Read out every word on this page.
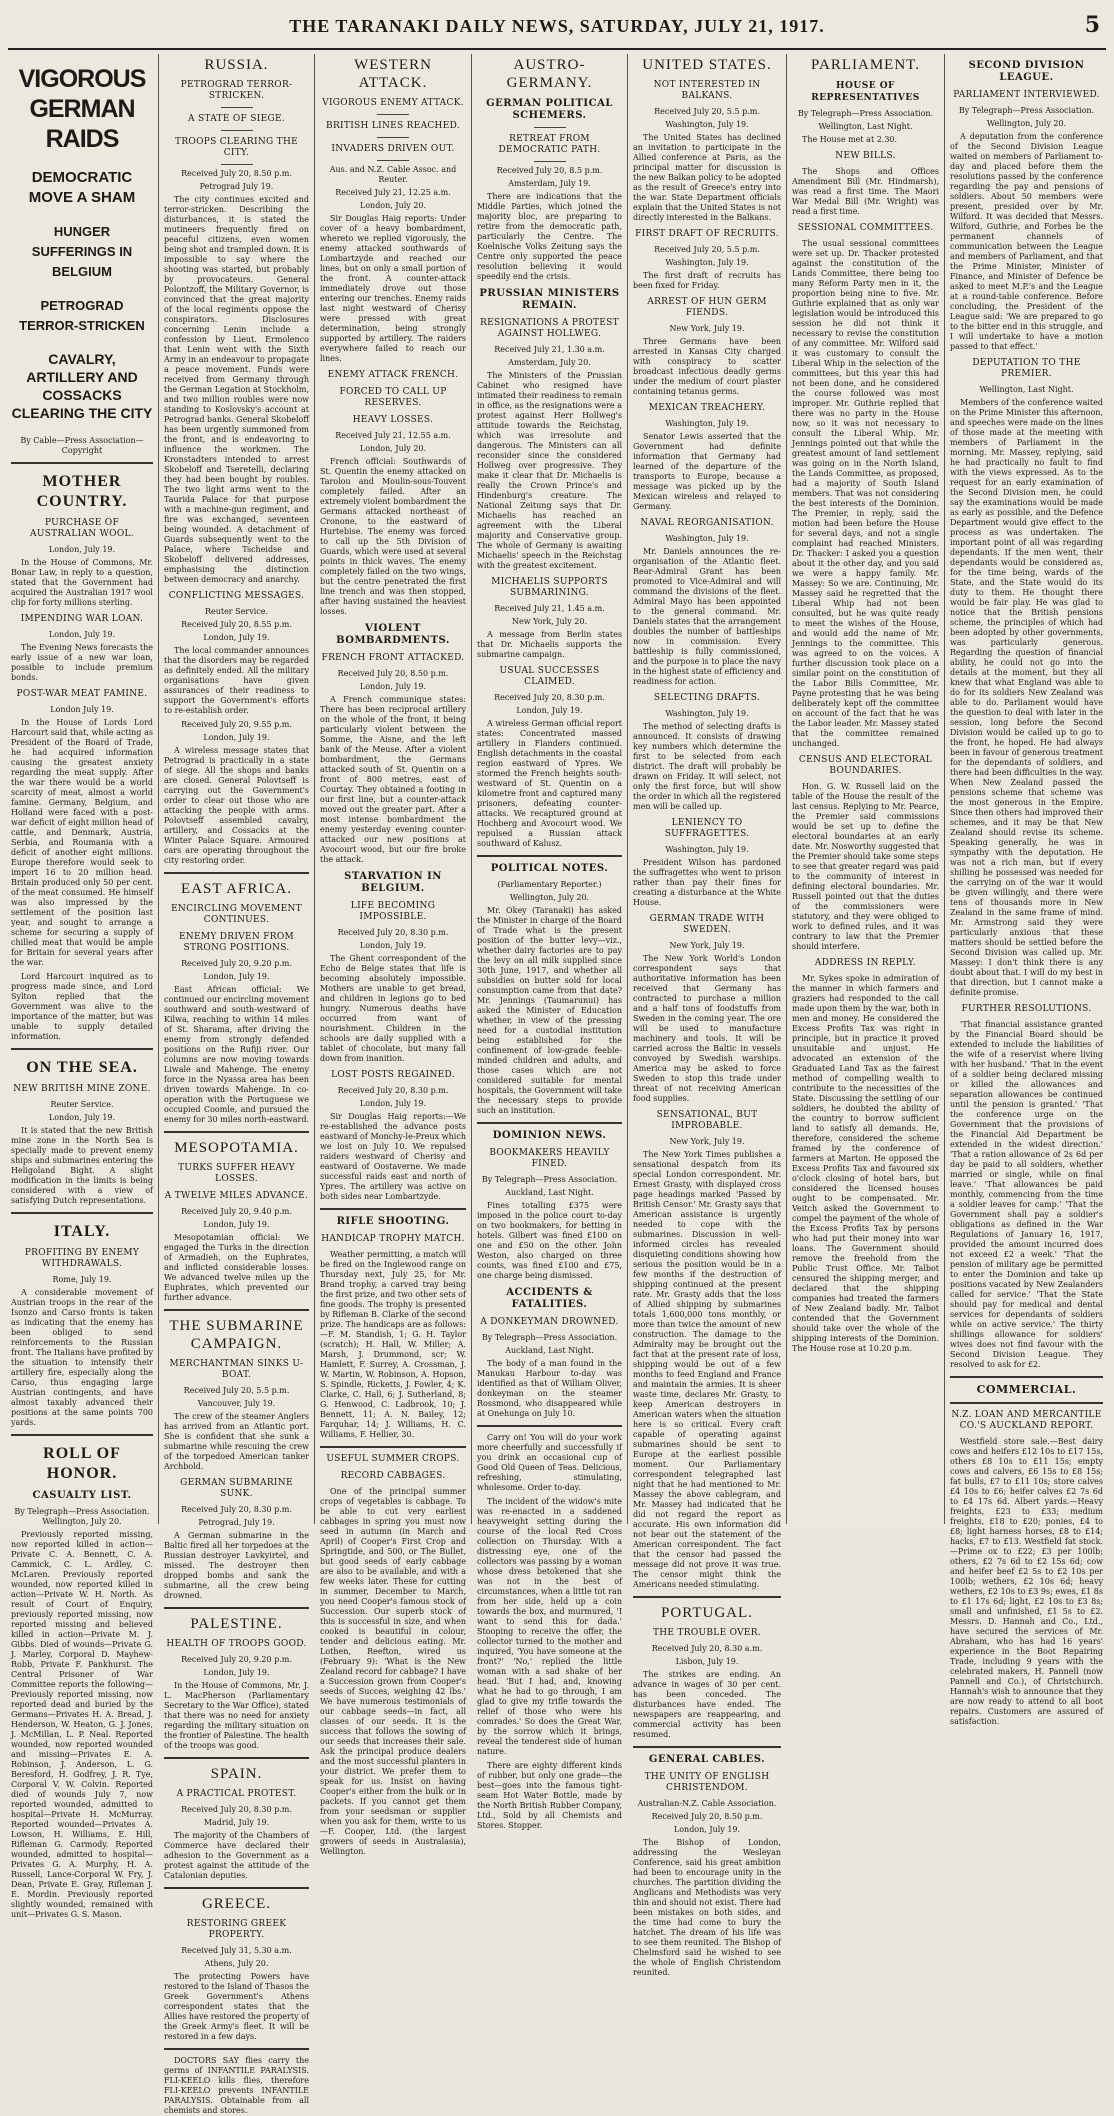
THE TARANAKI DAILY NEWS, SATURDAY, JULY 21, 1917.	5
VIGOROUS GERMAN RAIDS
DEMOCRATIC MOVE A SHAM
HUNGER SUFFERINGS IN BELGIUM
PETROGRAD TERROR-STRICKEN
CAVALRY, ARTILLERY AND COSSACKS CLEARING THE CITY
By Cable—Press Association—Copyright
MOTHER COUNTRY.
PURCHASE OF AUSTRALIAN WOOL.
London, July 19.

In the House of Commons, Mr. Bonar Law, in reply to a question, stated that the Government had acquired the Australian 1917 wool clip for forty millions sterling.

IMPENDING WAR LOAN.
London, July 19.

The Evening News forecasts the early issue of a new war loan, possible to include premium bonds.

POST-WAR MEAT FAMINE.
London July 19.

In the House of Lords Lord Harcourt said that, while acting as President of the Board of Trade, he had acquired information causing the greatest anxiety regarding the meat supply. After the war there would be a world scarcity of meat, almost a world famine. Germany, Belgium, and Holland were faced with a post-war deficit of eight million head of cattle, and Denmark, Austria, Serbia, and Roumania with a deficit of another eight millions. Europe therefore would seek to import 16 to 20 million head. Britain produced only 50 per cent. of the meat consumed. He himself was also impressed by the settlement of the position last year, and sought to arrange a scheme for securing a supply of chilled meat that would be ample for Britain for several years after the war.

Lord Harcourt inquired as to progress made since, and Lord Sylton replied that the Government was alive to the importance of the matter, but was unable to supply detailed information.

ON THE SEA.
NEW BRITISH MINE ZONE.
Reuter Service.
London, July 19.

It is stated that the new British mine zone in the North Sea is specially made to prevent enemy ships and submarines entering the Heligoland Bight. A slight modification in the limits is being considered with a view of satisfying Dutch representations.

ITALY.
PROFITING BY ENEMY WITHDRAWALS.
Rome, July 19.

A considerable movement of Austrian troops in the rear of the Isonzo and Carso fronts is taken as indicating that the enemy has been obliged to send reinforcements to the Russian front. The Italians have profited by the situation to intensify their artillery fire, especially along the Carso, thus engaging large Austrian contingents, and have almost taxably advanced their positions at the same points 700 yards.

ROLL OF HONOR.
CASUALTY LIST.
By Telegraph—Press Association. Wellington, July 20.

Previously reported missing, now reported killed in action—Private C. A. Bennett, C. A. Cammick, C. L. Ardley, C. McLaren. Previously reported wounded, now reported killed in action—Private W. H. North. As result of Court of Enquiry, previously reported missing, now reported missing and believed killed in action—Private M. J. Gibbs. Died of wounds—Private G. J. Marley, Corporal D. Mayhew-Robb, Private F. Pankhurst. The Central Prisoner of War Committee reports the following—Previously reported missing, now reported dead and buried by the Germans—Privates H. A. Bread, J. Henderson, W. Heaton, G. J. Jones, J. McMillan, L. P. Neal. Reported wounded, now reported wounded and missing—Privates E. A. Robinson, J. Anderson, L. G. Beresford, H. Godfrey, J. R. Tye, Corporal V. W. Colvin. Reported died of wounds July 7, now reported wounded, admitted to hospital—Private H. McMurray. Reported wounded—Privates A. Lowson, H. Williams, E. Hill, Rifleman G. Carmody. Reported wounded, admitted to hospital—Privates G. A. Murphy, H. A. Russell, Lance-Corporal W. Fry, J. Dean, Private E. Gray, Rifleman J. E. Mordin. Previously reported slightly wounded, remained with unit—Privates G. S. Mason.

RUSSIA.
PETROGRAD TERROR-STRICKEN.
A STATE OF SIEGE.
TROOPS CLEARING THE CITY.
Received July 20, 8.50 p.m.
Petrograd July 19.

The city continues excited and terror-stricken. Describing the disturbances, it is stated the mutineers frequently fired on peaceful citizens, even women being shot and trampled down. It is impossible to say where the shooting was started, but probably by provocateurs. General Polontzoff, the Military Governor, is convinced that the great majority of the local regiments oppose the conspirators. Disclosures concerning Lenin include a confession by Lieut. Ermolenco that Lenin went with the Sixth Army in an endeavour to propagate a peace movement. Funds were received from Germany through the German Legation at Stockholm, and two million roubles were now standing to Koslovsky's account at Petrograd banks. General Skobeloff has been urgently summoned from the front, and is endeavoring to influence the workmen. The Kronstadters intended to arrest Skobeloff and Tseretelli, declaring they had been bought by roubles. The two light arms went to the Taurida Palace for that purpose with a machine-gun regiment, and fire was exchanged, seventeen being wounded. A detachment of Guards subsequently went to the Palace, where Tscheidse and Skobeloff delivered addresses, emphasising the distinction between democracy and anarchy.

CONFLICTING MESSAGES.
Reuter Service.
Received July 20, 8.55 p.m.
London, July 19.

The local commander announces that the disorders may be regarded as definitely ended. All the military organisations have given assurances of their readiness to support the Government's efforts to re-establish order.

Received July 20, 9.55 p.m.
London, July 19.

A wireless message states that Petrograd is practically in a state of siege. All the shops and banks are closed. General Polovtseff is carrying out the Government's order to clear out those who are attacking the people with arms. Polovtseff assembled cavalry, artillery, and Cossacks at the Winter Palace Square. Armoured cars are operating throughout the city restoring order.

EAST AFRICA.
ENCIRCLING MOVEMENT CONTINUES.
ENEMY DRIVEN FROM STRONG POSITIONS.
Received July 20, 9.20 p.m.
London, July 19.

East African official: We continued our encircling movement southward and south-westward of Kilwa, reaching to within 14 miles of St. Sharama, after driving the enemy from strongly defended positions on the Rufiji river. Our columns are now moving towards Liwale and Mahenge. The enemy force in the Nyassa area has been driven towards Mahenge. In co-operation with the Portuguese we occupied Coomle, and pursued the enemy for 30 miles north-eastward.

MESOPOTAMIA.
TURKS SUFFER HEAVY LOSSES.
A TWELVE MILES ADVANCE.
Received July 20, 9.40 p.m.
London, July 19.

Mesopotamian official: We engaged the Turks in the direction of Armadieh, on the Euphrates, and inflicted considerable losses. We advanced twelve miles up the Euphrates, which prevented our further advance.

THE SUBMARINE CAMPAIGN.
MERCHANTMAN SINKS U-BOAT.
Received July 20, 5.5 p.m.
Vancouver, July 19.

The crew of the steamer Anglers has arrived from an Atlantic port. She is confident that she sunk a submarine while rescuing the crew of the torpedoed American tanker Archbold.

GERMAN SUBMARINE SUNK.
Received July 20, 8.30 p.m.
Petrograd, July 19.

A German submarine in the Baltic fired all her torpedoes at the Russian destroyer Lavkyirtel, and missed. The destroyer then dropped bombs and sank the submarine, all the crew being drowned.

PALESTINE.
HEALTH OF TROOPS GOOD.
Received July 20, 9.20 p.m.
London, July 19.

In the House of Commons, Mr. J. L. MacPherson (Parliamentary Secretary to the War Office), stated that there was no need for anxiety regarding the military situation on the frontier of Palestine. The health of the troops was good.

SPAIN.
A PRACTICAL PROTEST.
Received July 20, 8.30 p.m.
Madrid, July 19.

The majority of the Chambers of Commerce have declared their adhesion to the Government as a protest against the attitude of the Catalonian deputies.

GREECE.
RESTORING GREEK PROPERTY.
Received July 31, 5.30 a.m.
Athens, July 20.

The protecting Powers have restored to the Island of Thasos the Greek Government's Athens correspondent states that the Allies have restored the property of the Greek Army's fleet. It will be restored in a few days.

DOCTORS SAY flies carry the germs of INFANTILE PARALYSIS. FLI-KEELO kills flies, therefore FLI-KEELO prevents INFANTILE PARALYSIS. Obtainable from all chemists and stores.

WESTERN ATTACK.
VIGOROUS ENEMY ATTACK.
BRITISH LINES REACHED.
INVADERS DRIVEN OUT.
Aus. and N.Z. Cable Assoc. and Reuter.
Received July 21, 12.25 a.m.
London, July 20.

Sir Douglas Haig reports: Under cover of a heavy bombardment, whereto we replied vigorously, the enemy attacked southwards of Lombartzyde and reached our lines, but on only a small portion of the front. A counter-attack immediately drove out those entering our trenches. Enemy raids last night westward of Cherisy were pressed with great determination, being strongly supported by artillery. The raiders everywhere failed to reach our lines.

ENEMY ATTACK FRENCH.
FORCED TO CALL UP RESERVES.
HEAVY LOSSES.
Received July 21, 12.55 a.m.
London, July 20.

French official: Southwards of St. Quentin the enemy attacked on Tarolou and Moulin-sous-Touvent completely failed. After an extremely violent bombardment the Germans attacked northeast of Cronone, to the eastward of Hurtebise. The enemy was forced to call up the 5th Division of Guards, which were used at several points in thick waves. The enemy completely failed on the two wings, but the centre penetrated the first line trench and was then stopped, after having sustained the heaviest losses.

VIOLENT BOMBARDMENTS.
FRENCH FRONT ATTACKED.
Received July 20, 8.50 p.m.
London, July 19.

A French communique states: There has been reciprocal artillery on the whole of the front, it being particularly violent between the Somme, the Aisne, and the left bank of the Meuse. After a violent bombardment, the Germans attacked south of St. Quentin on a front of 800 metres, east of Courtay. They obtained a footing in our first line, but a counter-attack moved out the greater part. After a most intense bombardment the enemy yesterday evening counter-attacked our new positions at Avocourt wood, but our fire broke the attack.

STARVATION IN BELGIUM.
LIFE BECOMING IMPOSSIBLE.
Received July 20, 8.30 p.m.
London, July 19.

The Ghent correspondent of the Echo de Belge states that life is becoming absolutely impossible. Mothers are unable to get bread, and children in legions go to bed hungry. Numerous deaths have occurred from want of nourishment. Children in the schools are daily supplied with a tablet of chocolate, but many fall down from inanition.

LOST POSTS REGAINED.
Received July 20, 8.30 p.m.
London, July 19.

Sir Douglas Haig reports:—We re-established the advance posts eastward of Monchy-le-Preux which we lost on July 10. We repulsed raiders westward of Cherisy and eastward of Oostaverne. We made successful raids east and north of Ypres. The artillery was active on both sides near Lombartzyde.

RIFLE SHOOTING.
HANDICAP TROPHY MATCH.

Weather permitting, a match will be fired on the Inglewood range on Thursday next, July 25, for Mr. Brand trophy, a carved tray being the first prize, and two other sets of fine goods. The trophy is presented by Rifleman B. Clarke of the second prize. The handicaps are as follows:—F. M. Standish, 1; G. H. Taylor (scratch); H. Hall, W. Miller; A. Marsh, J. Drummond, scr; W. Hamlett, F. Surrey, A. Crossman, J. W. Martin, W. Robinson, A. Hopson, S. Spindle, Ricketts, J. Fowler, 4; K. Clarke, C. Hall, 6; J. Sutherland, 8; G. Henwood, C. Ladbrook, 10; J. Bennett, 11; A. N. Bailey, 12; Farquhar, 14; J. Williams, H. C. Williams, F. Hellier, 30.

USEFUL SUMMER CROPS.
RECORD CABBAGES.

One of the principal summer crops of vegetables is cabbage. To be able to cut very earliest cabbages in spring you must now seed in autumn (in March and April) of Cooper's First Crop and Springtide, and 500, or The Bullet, but good seeds of early cabbage are also to be available, and with a few weeks later. These for cutting in summer, December to March, you need Cooper's famous stock of Succession. Our superb stock of this is successful in size, and when cooked is beautiful in colour, tender and delicious eating. Mr. Lothen, Reefton, wired us (February 9): 'What is the New Zealand record for cabbage? I have a Succession grown from Cooper's seeds of Succes, weighing 42 lbs.' We have numerous testimonials of our cabbage seeds—in fact, all classes of our seeds. It is the success that follows the sowing of our seeds that increases their sale. Ask the principal produce dealers and the most successful planters in your district. We prefer them to speak for us. Insist on having Cooper's either from the bulk or in packets. If you cannot get them from your seedsman or supplier when you ask for them, write to us—F. Cooper, Ltd. (the largest growers of seeds in Australasia), Wellington.

AUSTRO-GERMANY.
GERMAN POLITICAL SCHEMERS.
RETREAT FROM DEMOCRATIC PATH.
Received July 20, 8.5 p.m.
Amsterdam, July 19.

There are indications that the Middle Parties, which joined the majority bloc, are preparing to retire from the democratic path, particularly the Centre. The Koelnische Volks Zeitung says the Centre only supported the peace resolution believing it would speedily end the crisis.

PRUSSIAN MINISTERS REMAIN.
RESIGNATIONS A PROTEST AGAINST HOLLWEG.
Received July 21, 1.30 a.m.
Amsterdam, July 20.

The Ministers of the Prussian Cabinet who resigned have intimated their readiness to remain in office, as the resignations were a protest against Herr Hollweg's attitude towards the Reichstag, which was irresolute and dangerous. The Ministers can all reconsider since the considered Hollweg over progressive. They make it clear that Dr. Michaelis is really the Crown Prince's and Hindenburg's creature. The National Zeitung says that Dr. Michaelis has reached an agreement with the Liberal majority and Conservative group. The whole of Germany is awaiting Michaelis' speech in the Reichstag with the greatest excitement.

MICHAELIS SUPPORTS SUBMARINING.
Received July 21, 1.45 a.m.
New York, July 20.

A message from Berlin states that Dr. Michaelis supports the submarine campaign.

USUAL SUCCESSES CLAIMED.
Received July 20, 8.30 p.m.
London, July 19.

A wireless German official report states: Concentrated massed artillery in Flanders continued. English detachments in the coastal region eastward of Ypres. We stormed the French heights south-westward of St. Quentin on a kilometre front and captured many prisoners, defeating counter-attacks. We recaptured ground at Hochberg and Avocourt wood. We repulsed a Russian attack southward of Kalusz.

POLITICAL NOTES.
(Parliamentary Reporter.)
Wellington, July 20.

Mr. Okey (Taranaki) has asked the Minister in charge of the Board of Trade what is the present position of the butter levy—viz., whether dairy factories are to pay the levy on all milk supplied since 30th June, 1917, and whether all subsidies on butter sold for local consumption came from that date? Mr. Jennings (Taumarunui) has asked the Minister of Education whether, in view of the pressing need for a custodial institution being established for the confinement of low-grade feeble-minded children and adults, and those cases which are not considered suitable for mental hospitals, the Government will take the necessary steps to provide such an institution.

DOMINION NEWS.
BOOKMAKERS HEAVILY FINED.
By Telegraph—Press Association.
Auckland, Last Night.

Fines totalling £375 were imposed in the police court to-day on two bookmakers, for betting in hotels. Gilbert was fined £100 on one and £50 on the other. John Weston, also charged on three counts, was fined £100 and £75, one charge being dismissed.

ACCIDENTS & FATALITIES.
A DONKEYMAN DROWNED.
By Telegraph—Press Association.
Auckland, Last Night.

The body of a man found in the Manukau Harbour to-day was identified as that of William Oliver, donkeyman on the steamer Rossmond, who disappeared while at Onehunga on July 10.

Carry on! You will do your work more cheerfully and successfully if you drink an occasional cup of Good Old Queen of Teas. Delicious, refreshing, stimulating, wholesome. Order to-day.

The incident of the widow's mite was re-enacted in a saddened heavyweight setting during the course of the local Red Cross collection on Thursday. With a distressing eye, one of the collectors was passing by a woman whose dress betokened that she was not in the best of circumstances, when a little tot ran from her side, held up a coin towards the box, and murmured, 'I want to send this for dada.' Stooping to receive the offer, the collector turned to the mother and inquired, 'You have someone at the front?' 'No,' replied the little woman with a sad shake of her head. 'But I had, and, knowing what he had to go through, I am glad to give my trifle towards the relief of those who were his comrades.' So does the Great War, by the sorrow which it brings, reveal the tenderest side of human nature.

There are eighty different kinds of rubber, but only one grade—the best—goes into the famous tight-seam Hot Water Bottle, made by the North British Rubber Company, Ltd., Sold by all Chemists and Stores. Stopper.

UNITED STATES.
NOT INTERESTED IN BALKANS.
Received July 20, 5.5 p.m.
Washington, July 19.

The United States has declined an invitation to participate in the Allied conference at Paris, as the principal matter for discussion is the new Balkan policy to be adopted as the result of Greece's entry into the war. State Department officials explain that the United States is not directly interested in the Balkans.

FIRST DRAFT OF RECRUITS.
Received July 20, 5.5 p.m.
Washington, July 19.

The first draft of recruits has been fixed for Friday.

ARREST OF HUN GERM FIENDS.
New York, July 19.

Three Germans have been arrested in Kansas City charged with conspiracy to scatter broadcast infectious deadly germs under the medium of court plaster containing tetanus germs.

MEXICAN TREACHERY.
Washington, July 19.

Senator Lewis asserted that the Government had definite information that Germany had learned of the departure of the transports to Europe, because a message was picked up by the Mexican wireless and relayed to Germany.

NAVAL REORGANISATION.
Washington, July 19.

Mr. Daniels announces the re-organisation of the Atlantic fleet. Rear-Admiral Grant has been promoted to Vice-Admiral and will command the divisions of the fleet. Admiral Mayo has been appointed to the general command. Mr. Daniels states that the arrangement doubles the number of battleships now in commission. Every battleship is fully commissioned, and the purpose is to place the navy in the highest state of efficiency and readiness for action.

SELECTING DRAFTS.
Washington, July 19.

The method of selecting drafts is announced. It consists of drawing key numbers which determine the first to be selected from each district. The draft will probably be drawn on Friday. It will select, not only the first force, but will show the order in which all the registered men will be called up.

LENIENCY TO SUFFRAGETTES.
Washington, July 19.

President Wilson has pardoned the suffragettes who went to prison rather than pay their fines for creating a disturbance at the White House.

GERMAN TRADE WITH SWEDEN.
New York, July 19.

The New York World's London correspondent says that authoritative information has been received that Germany has contracted to purchase a million and a half tons of foodstuffs from Sweden in the coming year. The ore will be used to manufacture machinery and tools. It will be carried across the Baltic in vessels convoyed by Swedish warships. America may be asked to force Sweden to stop this trade under threat of not receiving American food supplies.

SENSATIONAL, BUT IMPROBABLE.
New York, July 19.

The New York Times publishes a sensational despatch from its special London correspondent. Mr. Ernest Grasty, with displayed cross page headings marked 'Passed by British Censor.' Mr. Grasty says that American assistance is urgently needed to cope with the submarines. Discussion in well-informed circles has revealed disquieting conditions showing how serious the position would be in a few months if the destruction of shipping continued at the present rate. Mr. Grasty adds that the loss of Allied shipping by submarines totals 1,600,000 tons monthly, or more than twice the amount of new construction. The damage to the Admiralty may be brought out the fact that at the present rate of loss, shipping would be out of a few months to feed England and France and maintain the armies. It is sheer waste time, declares Mr. Grasty, to keep American destroyers in American waters when the situation here is so critical. Every craft capable of operating against submarines should be sent to Europe at the earliest possible moment. Our Parliamentary correspondent telegraphed last night that he had mentioned to Mr. Massey the above cablegram, and Mr. Massey had indicated that he did not regard the report as accurate. His own information did not bear out the statement of the American correspondent. The fact that the censor had passed the message did not prove it was true. The censor might think the Americans needed stimulating.

PORTUGAL.
THE TROUBLE OVER.
Received July 20, 8.30 a.m.
Lisbon, July 19.

The strikes are ending. An advance in wages of 30 per cent. has been conceded. The disturbances have ended. The newspapers are reappearing, and commercial activity has been resumed.

GENERAL CABLES.
THE UNITY OF ENGLISH CHRISTENDOM.
Australian-N.Z. Cable Association.
Received July 20, 8.50 p.m.
London, July 19.

The Bishop of London, addressing the Wesleyan Conference, said his great ambition had been to encourage unity in the churches. The partition dividing the Anglicans and Methodists was very thin and should not exist. There had been mistakes on both sides, and the time had come to bury the hatchet. The dream of his life was to see them reunited. The Bishop of Chelmsford said he wished to see the whole of English Christendom reunited.

PARLIAMENT.
HOUSE OF REPRESENTATIVES
By Telegraph—Press Association.
Wellington, Last Night.

The House met at 2.30.

NEW BILLS.

The Shops and Offices Amendment Bill (Mr. Hindmarsh), was read a first time. The Maori War Medal Bill (Mr. Wright) was read a first time.

SESSIONAL COMMITTEES.

The usual sessional committees were set up. Dr. Thacker protested against the constitution of the Lands Committee, there being too many Reform Party men in it, the proportion being nine to five. Mr. Guthrie explained that as only war legislation would be introduced this session he did not think it necessary to revise the constitution of any committee. Mr. Wilford said it was customary to consult the Liberal Whip in the selection of the committees, but this year this had not been done, and he considered the course followed was most improper. Mr. Guthrie replied that there was no party in the House now, so it was not necessary to consult the Liberal Whip. Mr. Jennings pointed out that while the greatest amount of land settlement was going on in the North Island, the Lands Committee, as proposed, had a majority of South Island members. That was not considering the best interests of the Dominion. The Premier, in reply, said the motion had been before the House for several days, and not a single complaint had reached Ministers. Dr. Thacker: I asked you a question about it the other day, and you said we were a happy family. Mr. Massey: So we are. Continuing, Mr. Massey said he regretted that the Liberal Whip had not been consulted, but he was quite ready to meet the wishes of the House, and would add the name of Mr. Jennings to the committee. This was agreed to on the voices. A further discussion took place on a similar point on the constitution of the Labor Bills Committee, Mr. Payne protesting that he was being deliberately kept off the committee on account of the fact that he was the Labor leader. Mr. Massey stated that the committee remained unchanged.

CENSUS AND ELECTORAL BOUNDARIES.

Hon. G. W. Russell laid on the table of the House the result of the last census. Replying to Mr. Pearce, the Premier said commissions would be set up to define the electoral boundaries at an early date. Mr. Nosworthy suggested that the Premier should take some steps to see that greater regard was paid to the community of interest in defining electoral boundaries. Mr. Russell pointed out that the duties of the commissioners were statutory, and they were obliged to work to defined rules, and it was contrary to law that the Premier should interfere.

ADDRESS IN REPLY.

Mr. Sykes spoke in admiration of the manner in which farmers and graziers had responded to the call made upon them by the war, both in men and money. He considered the Excess Profits Tax was right in principle, but in practice it proved unsuitable and unjust. He advocated an extension of the Graduated Land Tax as the fairest method of compelling wealth to contribute to the necessities of the State. Discussing the settling of our soldiers, he doubted the ability of the country to borrow sufficient land to satisfy all demands. He, therefore, considered the scheme framed by the conference of farmers at Marton. He opposed the Excess Profits Tax and favoured six o'clock closing of hotel bars, but considered the licensed houses ought to be compensated. Mr. Veitch asked the Government to compel the payment of the whole of the Excess Profits Tax by persons who had put their money into war loans. The Government should remove the freehold from the Public Trust Office. Mr. Talbot censured the shipping merger, and declared that the shipping companies had treated the farmers of New Zealand badly. Mr. Talbot contended that the Government should take over the whole of the shipping interests of the Dominion. The House rose at 10.20 p.m.

SECOND DIVISION LEAGUE.
PARLIAMENT INTERVIEWED.
By Telegraph—Press Association.
Wellington, July 20.

A deputation from the conference of the Second Division League waited on members of Parliament to-day and placed before them the resolutions passed by the conference regarding the pay and pensions of soldiers. About 50 members were present, presided over by Mr. Wilford. It was decided that Messrs. Wilford, Guthrie, and Forbes be the permanent channels of communication between the League and members of Parliament, and that the Prime Minister, Minister of Finance, and Minister of Defence be asked to meet M.P.'s and the League at a round-table conference. Before concluding, the President of the League said: 'We are prepared to go to the bitter end in this struggle, and I will undertake to have a motion passed to that effect.'

DEPUTATION TO THE PREMIER.
Wellington, Last Night.

Members of the conference waited on the Prime Minister this afternoon, and speeches were made on the lines of those made at the meeting with members of Parliament in the morning. Mr. Massey, replying, said he had practically no fault to find with the views expressed. As to the request for an early examination of the Second Division men, he could say the examinations would be made as early as possible, and the Defence Department would give effect to the process as was undertaken. The important point of all was regarding dependants. If the men went, their dependants would be considered as, for the time being, wards of the State, and the State would do its duty to them. He thought there would be fair play. He was glad to notice that the British pensions scheme, the principles of which had been adopted by other governments, was particularly generous. Regarding the question of financial ability, he could not go into the details at the moment, but they all knew that what England was able to do for its soldiers New Zealand was able to do. Parliament would have the question to deal with later in the session, long before the Second Division would be called up to go to the front, he hoped. He had always been in favour of generous treatment for the dependants of soldiers, and there had been difficulties in the way. When New Zealand passed the pensions scheme that scheme was the most generous in the Empire. Since then others had improved their schemes, and it may be that New Zealand should revise its scheme. Speaking generally, he was in sympathy with the deputation. He was not a rich man, but if every shilling he possessed was needed for the carrying on of the war it would be given willingly, and there were tens of thousands more in New Zealand in the same frame of mind. Mr. Armstrong said they were particularly anxious that these matters should be settled before the Second Division was called up. Mr. Massey: I don't think there is any doubt about that. I will do my best in that direction, but I cannot make a definite promise.

FURTHER RESOLUTIONS.

'That financial assistance granted by the Financial Board should be extended to include the liabilities of the wife of a reservist where living with her husband.' 'That in the event of a soldier being declared missing or killed the allowances and separation allowances be continued until the pension is granted.' 'That the conference urge on the Government that the provisions of the Financial Aid Department be extended in the widest direction.' 'That a ration allowance of 2s 6d per day be paid to all soldiers, whether married or single, while on final leave.' 'That allowances be paid monthly, commencing from the time a soldier leaves for camp.' 'That the Government shall pay a soldier's obligations as defined in the War Regulations of January 16, 1917, provided the amount incurred does not exceed £2 a week.' 'That the pension of military age be permitted to enter the Dominion and take up positions vacated by New Zealanders called for service.' 'That the State should pay for medical and dental services for dependants of soldiers while on active service.' The thirty shillings allowance for soldiers' wives does not find favour with the Second Division League. They resolved to ask for £2.

COMMERCIAL.
N.Z. LOAN AND MERCANTILE CO.'S AUCKLAND REPORT.

Westfield store sale.—Best dairy cows and heifers £12 10s to £17 15s, others £8 10s to £11 15s; empty cows and calvers, £6 15s to £8 15s; fat bulls, £7 to £11 10s; store calves £4 10s to £6; heifer calves £2 7s 6d to £4 17s 6d. Albert yards.—Heavy freights, £23 to £33; medium freights, £18 to £20; ponies, £4 to £8; light harness horses, £8 to £14; hacks, £7 to £13. Westfield fat stock.—Prime ox to £22; £3 per 100lb; others, £2 7s 6d to £2 15s 6d; cow and heifer beef £2 5s to £2 10s per 100lb; wethers, £2 10s 6d; heavy wethers, £2 10s to £3 9s; ewes, £1 8s to £1 17s 6d; light, £2 10s to £3 8s; small and unfinished, £1 5s to £2. Messrs. D. Hannah and Co., Ltd., have secured the services of Mr. Abraham, who has had 16 years' experience in the Boot Repairing Trade, including 9 years with the celebrated makers, H. Pannell (now Pannell and Co.), of Christchurch. Hannah's wish to announce that they are now ready to attend to all boot repairs. Customers are assured of satisfaction.
